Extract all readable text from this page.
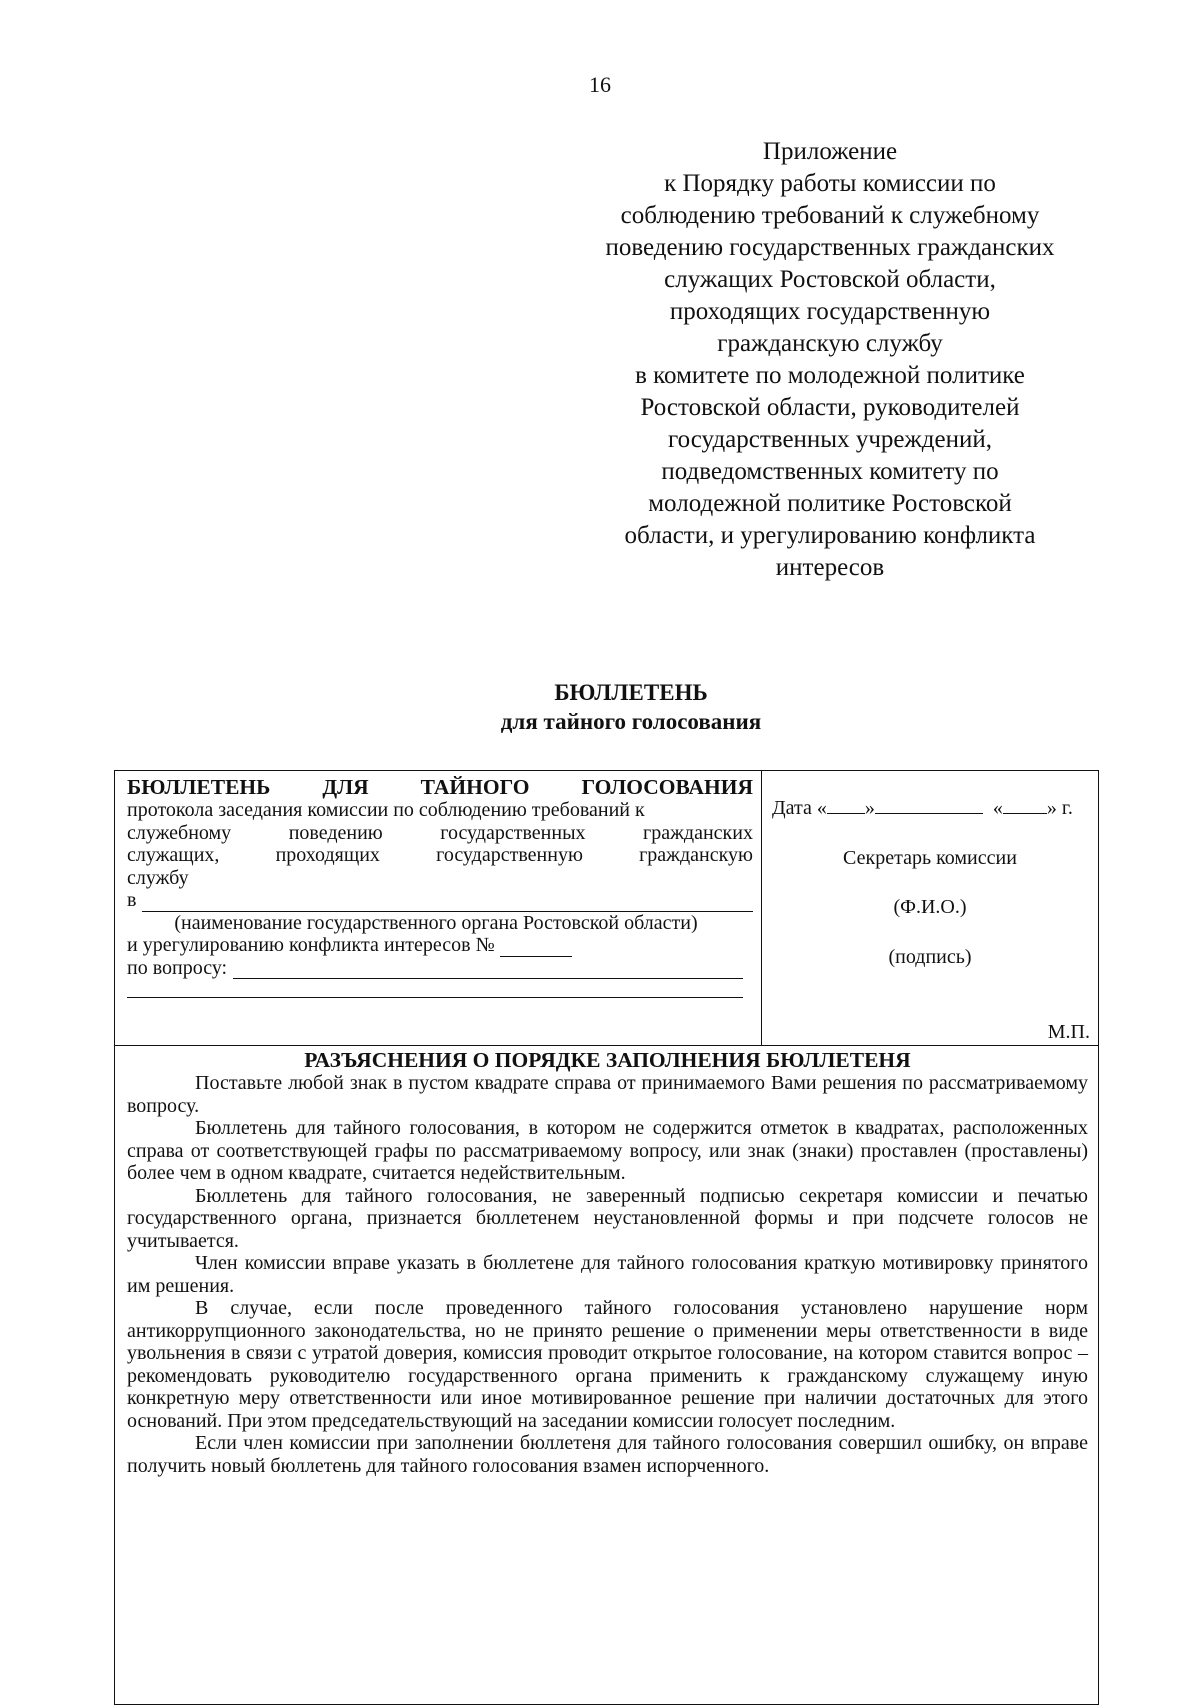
16
Приложение
к Порядку работы комиссии по
соблюдению требований к служебному
поведению государственных гражданских
служащих Ростовской области,
проходящих государственную
гражданскую службу
в комитете по молодежной политике
Ростовской области, руководителей
государственных учреждений,
подведомственных комитету по
молодежной политике Ростовской
области, и урегулированию конфликта
интересов
БЮЛЛЕТЕНЬ
для тайного голосования
БЮЛЛЕТЕНЬ ДЛЯ ТАЙНОГО ГОЛОСОВАНИЯ
протокола заседания комиссии по соблюдению требований к
служебному	поведению	государственных	гражданских
служащих,	проходящих	государственную	гражданскую
службу
в
(наименование государственного органа Ростовской области)
и урегулированию конфликта интересов №
по вопросу:
Дата « »	« » г.
Секретарь комиссии
(Ф.И.О.)
(подпись)
М.П.
РАЗЪЯСНЕНИЯ О ПОРЯДКЕ ЗАПОЛНЕНИЯ БЮЛЛЕТЕНЯ

Поставьте любой знак в пустом квадрате справа от принимаемого Вами решения по рассматриваемому вопросу.

Бюллетень для тайного голосования, в котором не содержится отметок в квадратах, расположенных справа от соответствующей графы по рассматриваемому вопросу, или знак (знаки) проставлен (проставлены) более чем в одном квадрате, считается недействительным.

Бюллетень для тайного голосования, не заверенный подписью секретаря комиссии и печатью государственного органа, признается бюллетенем неустановленной формы и при подсчете голосов не учитывается.

Член комиссии вправе указать в бюллетене для тайного голосования краткую мотивировку принятого им решения.

В случае, если после проведенного тайного голосования установлено нарушение норм антикоррупционного законодательства, но не принято решение о применении меры ответственности в виде увольнения в связи с утратой доверия, комиссия проводит открытое голосование, на котором ставится вопрос – рекомендовать руководителю государственного органа применить к гражданскому служащему иную конкретную меру ответственности или иное мотивированное решение при наличии достаточных для этого оснований. При этом председательствующий на заседании комиссии голосует последним.

Если член комиссии при заполнении бюллетеня для тайного голосования совершил ошибку, он вправе получить новый бюллетень для тайного голосования взамен испорченного.
